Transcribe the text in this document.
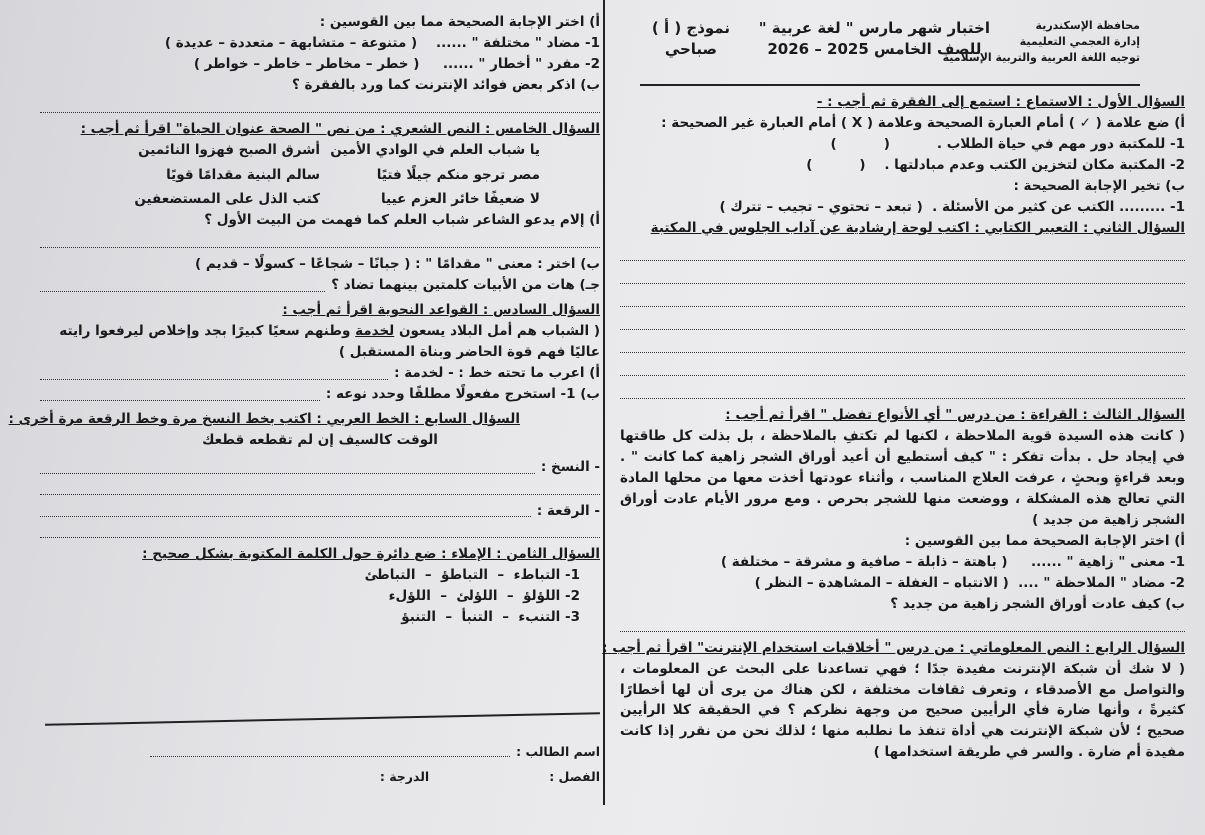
محافظة الإسكندرية
إدارة العجمي التعليمية
توجيه اللغة العربية والتربية الإسلامية
اختبار شهر مارس " لغة عربية "
للصف الخامس 2025 – 2026
نموذج ( أ )
صباحي
السؤال الأول : الاستماع : استمع إلى الفقرة ثم أجب : -
أ) ضع علامة ( ✓ ) أمام العبارة الصحيحة وعلامة ( X ) أمام العبارة غير الصحيحة :
1- للمكتبة دور مهم في حياة الطلاب .          (          )
2- المكتبة مكان لتخزين الكتب وعدم مبادلتها .    (          )
ب) تخير الإجابة الصحيحة :
1- ......... الكتب عن كثير من الأسئلة .  ( تبعد – تحتوي – تجيب – تترك )
السؤال الثاني : التعبير الكتابي : اكتب لوحة إرشادية عن آداب الجلوس في المكتبة
السؤال الثالث : القراءة : من درس " أي الأنواع تفضل " اقرأ ثم أجب :
( كانت هذه السيدة قوية الملاحظة ، لكنها لم تكتفِ بالملاحظة ، بل بذلت كل طاقتها في إيجاد حل . بدأت تفكر : " كيف أستطيع أن أعيد أوراق الشجر زاهية كما كانت " . وبعد قراءةٍ وبحثٍ ، عرفت العلاج المناسب ، وأثناء عودتها أخذت معها من محلها المادة التي تعالج هذه المشكلة ، ووضعت منها للشجر بحرص . ومع مرور الأيام عادت أوراق الشجر زاهية من جديد )
أ) اختر الإجابة الصحيحة مما بين القوسين :
1- معنى " زاهية " ......     ( باهتة – ذابلة – صافية و مشرقة – مختلفة )
2- مضاد " الملاحظة " ....  ( الانتباه – الغفلة – المشاهدة – النظر )
ب) كيف عادت أوراق الشجر زاهية من جديد ؟
السؤال الرابع : النص المعلوماتي : من درس " أخلاقيات استخدام الإنترنت" اقرأ ثم أجب :
( لا شك أن شبكة الإنترنت مفيدة جدًا ؛ فهي تساعدنا على البحث عن المعلومات ، والتواصل مع الأصدقاء ، وتعرف ثقافات مختلفة ، لكن هناك من يرى أن لها أخطارًا كثيرةً ، وأنها ضارة فأي الرأيين صحيح من وجهة نظركم ؟ في الحقيقة كلا الرأيين صحيح ؛ لأن شبكة الإنترنت هي أداة تنفذ ما نطلبه منها ؛ لذلك نحن من نقرر إذا كانت مفيدة أم ضارة . والسر في طريقة استخدامها )
أ) اختر الإجابة الصحيحة مما بين القوسين :
1- مضاد " مختلفة " ......    ( متنوعة – متشابهة – متعددة – عديدة )
2- مفرد " أخطار " ......     ( خطر – مخاطر – خاطر – خواطر )
ب) اذكر بعض فوائد الإنترنت كما ورد بالفقرة ؟
السؤال الخامس : النص الشعري : من نص " الصحة عنوان الحياة" اقرأ ثم أجب :
يا شباب العلم في الوادي الأمين
أشرق الصبح فهزوا النائمين
مصر ترجو منكم جيلًا فتيًا
سالم البنية مقدامًا قويًا
لا ضعيفًا خائر العزم عييا
كتب الذل على المستضعفين
أ) إلام يدعو الشاعر شباب العلم كما فهمت من البيت الأول ؟
ب) اختر : معنى " مقدامًا " : ( جبانًا – شجاعًا – كسولًا – قديم )
جـ) هات من الأبيات كلمتين بينهما تضاد ؟
السؤال السادس : القواعد النحوية اقرأ ثم أجب :
( الشباب هم أمل البلاد يسعون لخدمة وطنهم سعيًا كبيرًا بجد وإخلاص ليرفعوا رايته عاليًا فهم قوة الحاضر وبناة المستقبل )
أ) اعرب ما تحته خط : - لخدمة :
ب) 1- استخرج مفعولًا مطلقًا وحدد نوعه :
السؤال السابع : الخط العربي : اكتب بخط النسخ مرة وخط الرقعة مرة أخرى :
الوقت كالسيف إن لم تقطعه قطعك
- النسخ :
- الرقعة :
السؤال الثامن : الإملاء : ضع دائرة حول الكلمة المكتوبة بشكل صحيح :
1- التباطء  –  التباطؤ  –  التباطئ
2- اللؤلؤ  –  اللؤلئ  –  اللؤلء
3- التنبء  –  التنبأ  –  التنبؤ
اسم الطالب :
الفصل :
الدرجة :
